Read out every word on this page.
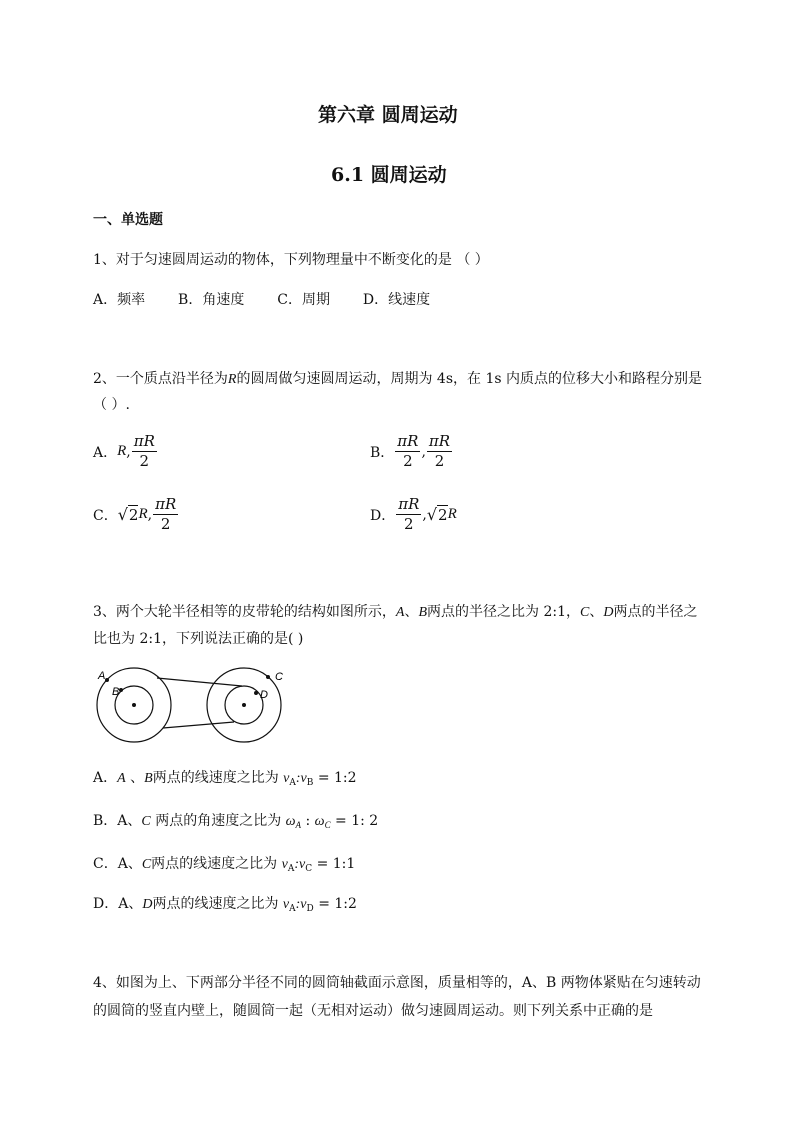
第六章 圆周运动
6.1 圆周运动
一、单选题
1、对于匀速圆周运动的物体，下列物理量中不断变化的是 （ ）
A．频率 B．角速度 C．周期 D．线速度
2、一个质点沿半径为R的圆周做匀速圆周运动，周期为 4s，在 1s 内质点的位移大小和路程分别是
（ ）.
A． R , $\frac{\pi R}{2}$	B． $\frac{\pi R}{2}$ , $\frac{\pi R}{2}$
C． √ 2 R , $\frac{\pi R}{2}$	D． $\frac{\pi R}{2}$ , √ 2 R
3、两个大轮半径相等的皮带轮的结构如图所示，A、B两点的半径之比为 2:1，C、D两点的半径之
比也为 2:1，下列说法正确的是( )
A
B
C
D
A．A 、B两点的线速度之比为 $v_A:v_B$ = 1:2
B．A、C 两点的角速度之比为 $\omega_A$ : $\omega_C = 1$: 2
C．A、C两点的线速度之比为 $v_A:v_C$ = 1:1
D．A、D两点的线速度之比为 $v_A:v_D$ = 1:2
4、如图为上、下两部分半径不同的圆筒轴截面示意图，质量相等的，A、B 两物体紧贴在匀速转动
的圆筒的竖直内壁上，随圆筒一起（无相对运动）做匀速圆周运动。则下列关系中正确的是
